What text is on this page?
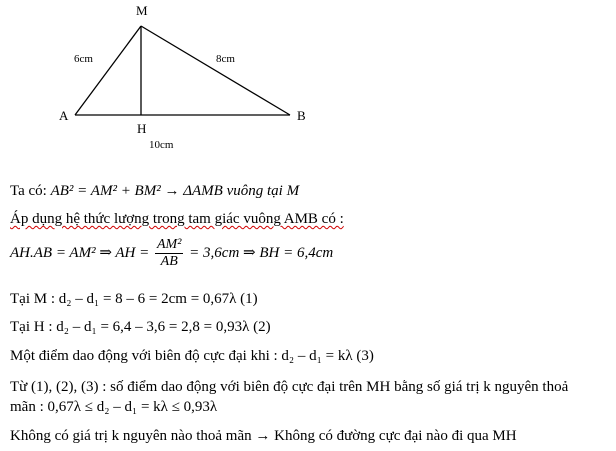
M
A
H
B
6cm	8cm
10cm
Ta có: AB² = AM² + BM² → ΔAMB vuông tại M
Áp dụng hệ thức lượng trong tam giác vuông AMB có :
AH.AB = AM² ⇒ AH = $\frac{\text{AM²}}{AB} = 3,6cm$ ⇒ BH = 6,4cm
Tại M : d₂ – d₁ = 8 – 6 = 2cm = 0,67λ (1)
Tại H : d₂ – d₁ = 6,4 – 3,6 = 2,8 = 0,93λ (2)
Một điểm dao động với biên độ cực đại khi : d₂ – d₁ = kλ (3)
Từ (1), (2), (3) : số điểm dao động với biên độ cực đại trên MH bằng số giá trị k nguyên thoả
mãn : 0,67λ ≤ d₂ – d₁ = kλ ≤ 0,93λ
Không có giá trị k nguyên nào thoả mãn → Không có đường cực đại nào đi qua MH
